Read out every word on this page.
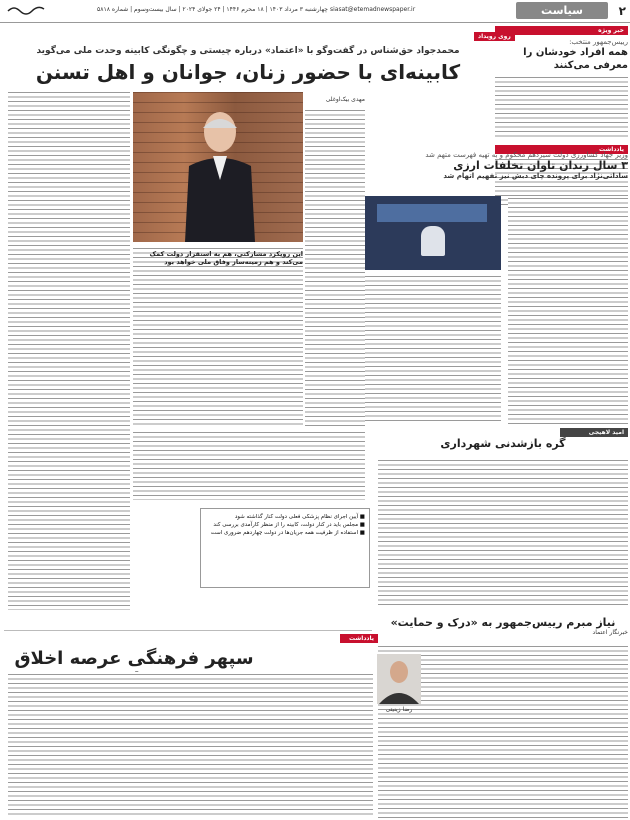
۲
سیاست
siasat@etemadnewspaper.ir
چهارشنبه ۳ مرداد ۱۴۰۳ | ۱۸ محرم ۱۴۴۶ | ۲۴ جولای ۲۰۲۴ | سال بیست‌وسوم | شماره ۵۸۱۸
خبر ویژه
رییس‌جمهور منتخب:
همه افراد خودشان را معرفی می‌کنند
یادداشت
وزیر جهاد کشاورزی دولت سیزدهم محکوم و به تهیه فهرست متهم شد
۳ سال زندان تاوان تخلفات ارزی
ساداتی‌نژاد برای پرونده چای دبش نیز تفهیم اتهام شد
امید لاهیجی
گره بازشدنی شهرداری
نیاز مبرم رییس‌جمهور به «درک و حمایت»
خبرنگار اعتماد
روی رویداد
محمدجواد حق‌شناس در گفت‌وگو با «اعتماد» درباره چیستی و چگونگی کابینه وحدت ملی می‌گوید
کابینه‌ای با حضور زنان، جوانان و اهل تسنن
مهدی بیک‌اوغلی
این رویکرد مشارکتی، هم به استقرار دولت کمک می‌کند و هم زمینه‌ساز وفاق ملی خواهد بود
■ آیین اجرای نظام پزشکی فعلی دولت کنار گذاشته شود
■ مجلس باید در کنار دولت، کابینه را از منظر کارآمدی بررسی کند
■ استفاده از ظرفیت همه جریان‌ها در دولت چهاردهم ضروری است
یادداشت
سپهر فرهنگی عرصه اخلاق
رضا زینیتی
